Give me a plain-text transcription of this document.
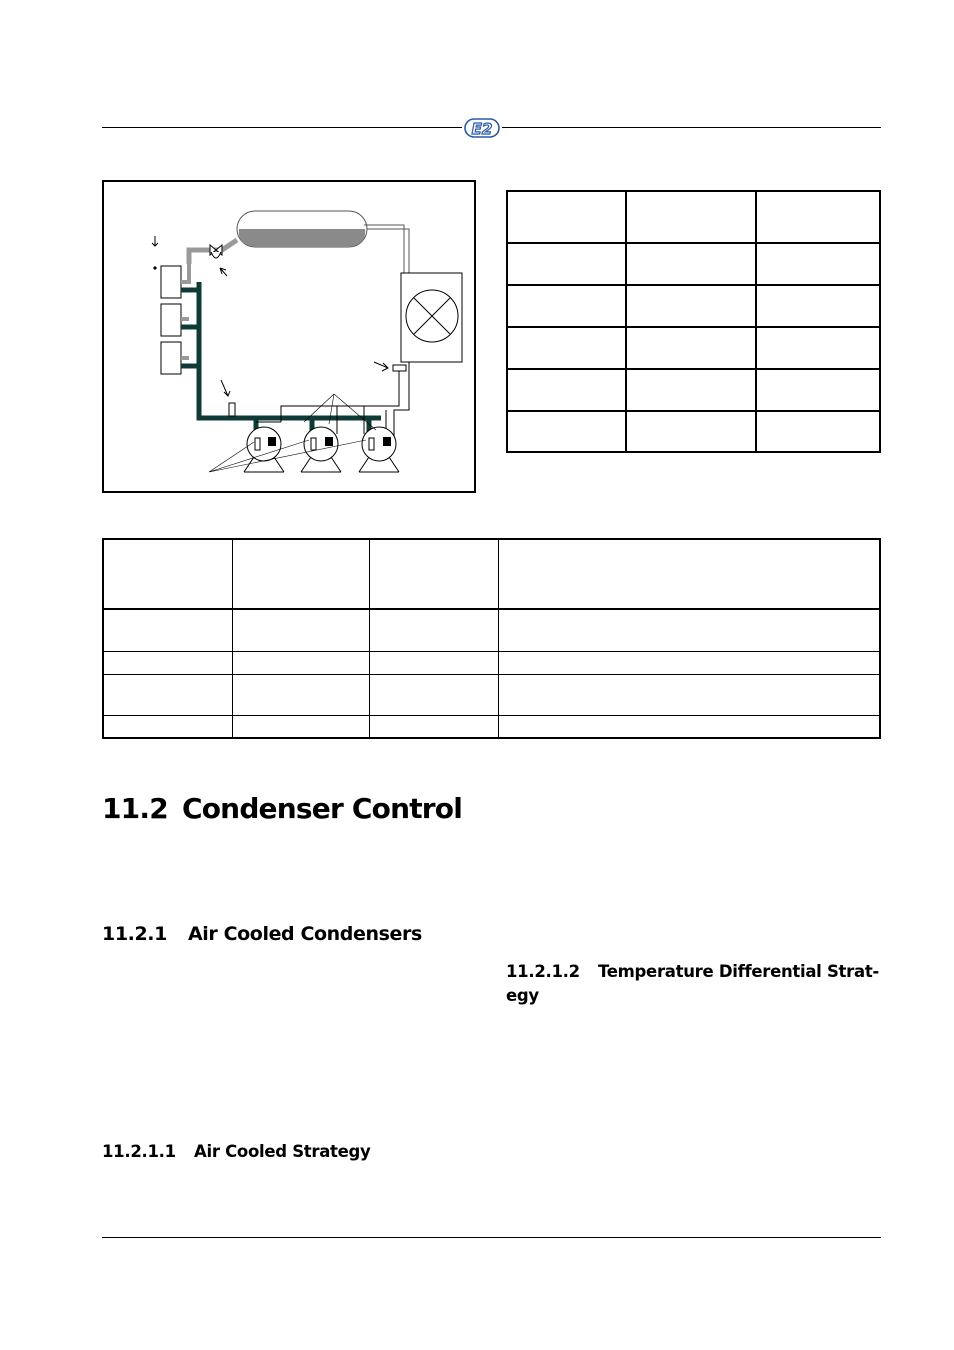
E2

11.2 Condenser Control
11.2.1 Air Cooled Condensers
11.2.1.2 Temperature Differential Strat-​egy
11.2.1.1 Air Cooled Strategy
